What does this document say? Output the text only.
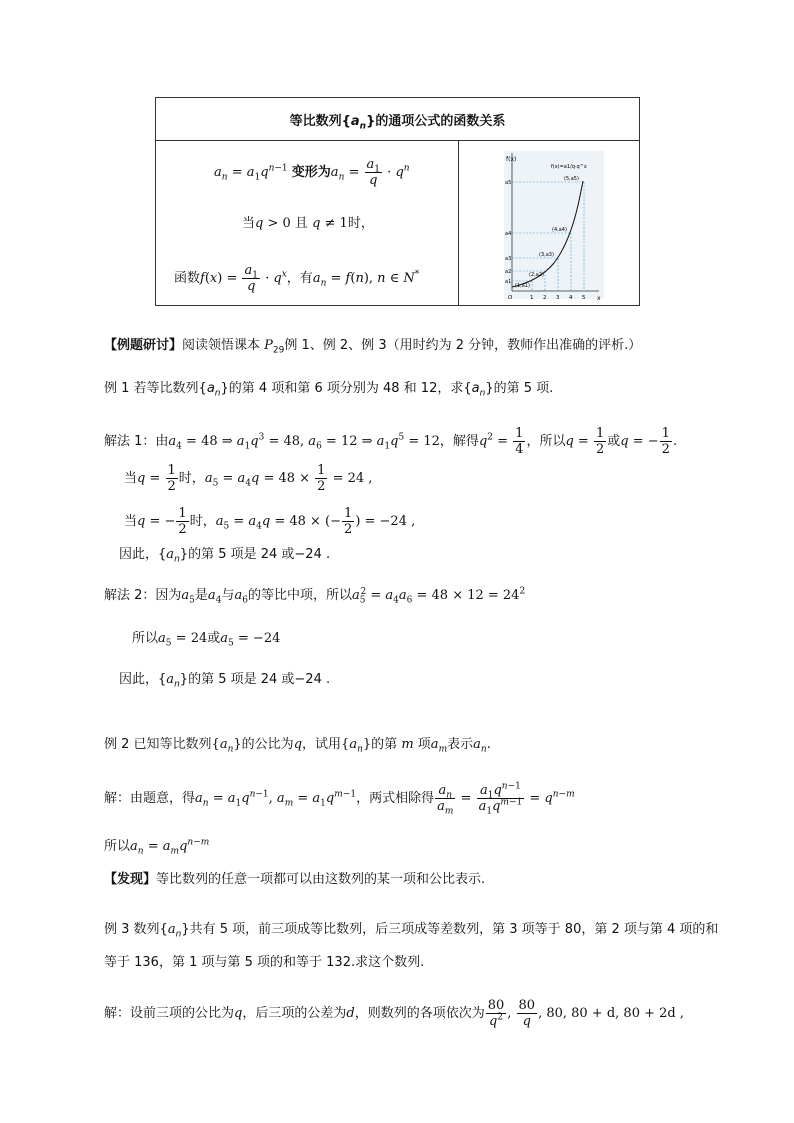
等比数列$\{a_n\}$的通项公式的函数关系

$a_n = a_1q^{n-1}$ 变形为$a_n = \frac{a_1}{q} \cdot q^n$
当q > 0 且 q ≠ 1时，
函数$f(x) = \frac{a_1}{q} \cdot q^x$，有$a_n = f(n)$, n ∈ N*

f(x)
x
f(x)=a1/q·q^x
a5
a4
a3
a2
a1
(1,a1)
(2,a2)
(3,a3)
(4,a4)
(5,a5)
O	1 2 3 4 5
【例题研讨】阅读领悟课本 $P_{29}$例 1、例 2、例 3（用时约为 2 分钟，教师作出准确的评析.）
例 1 若等比数列$\{a_n\}$的第 4 项和第 6 项分别为 48 和 12，求$\{a_n\}$的第 5 项.
解法 1：由$a_4 = 48$ ⇒ $a_1q^3 = 48$, $a_6 = 12$ ⇒ $a_1q^5 = 12$，解得$q^2 = \frac{1}{4}$ ，所以$q = \frac{1}{2}$ 或q = − $\frac{1}{2}$ .
当$q = \frac{1}{2}$ 时，$a_5 = a_4q = 48 \times \frac{1}{2} = 24$ ,
当q = − $\frac{1}{2}$ 时，$a_5 = a_4q = 48$ × (− $\frac{1}{2}$ ) = −24 ,
因此，$\{a_n\}$的第 5 项是 24 或−24 .
解法 2：因为$a_5$是$a_4$与$a_6$的等比中项，所以$a_5^2 = a_4a_6 = 48 \times 12 = 24^2$
所以$a_5 = 24$或$a_5 = -24$
因此，$\{a_n\}$的第 5 项是 24 或−24 .
例 2 已知等比数列$\{a_n\}$的公比为q，试用$\{a_n\}$的第 m 项$a_m$表示$a_n$.
解：由题意，得$a_n = a_1q^{n-1}$, $a_m = a_1q^{m-1}$，两式相除得 $\frac{a_n}{a_m} = \frac{a_1q^{n-1}}{a_1q^{m-1}} = q^{n-m}$
所以$a_n = a_mq^{n-m}$
【发现】等比数列的任意一项都可以由这数列的某一项和公比表示.
例 3 数列$\{a_n\}$共有 5 项，前三项成等比数列，后三项成等差数列，第 3 项等于 80，第 2 项与第 4 项的和
等于 136，第 1 项与第 5 项的和等于 132.求这个数列.
解：设前三项的公比为q，后三项的公差为d，则数列的各项依次为 $\frac{80}{q^2}$ , $\frac{80}{q}$ , 80, 80 + d, 80 + 2d ,
